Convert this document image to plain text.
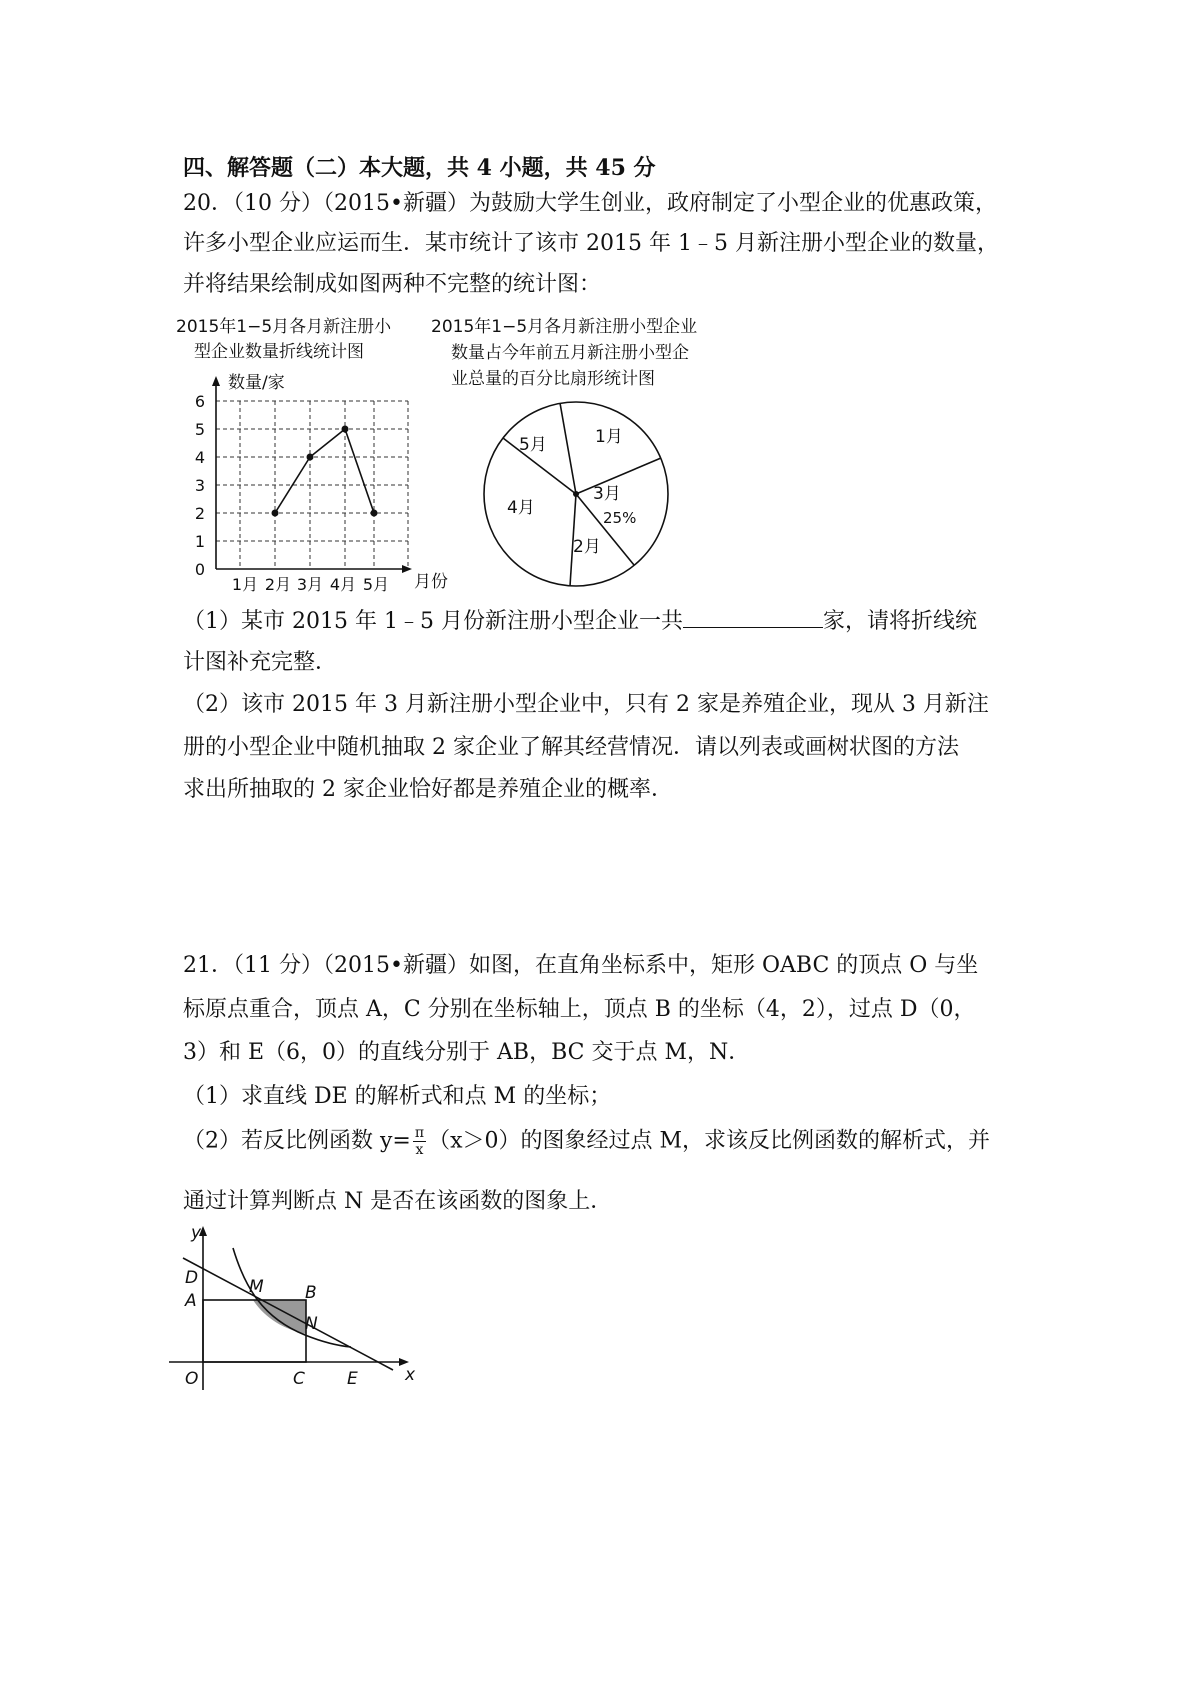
四、解答题（二）本大题，共 4 小题，共 45 分
20．（10 分）（2015•新疆）为鼓励大学生创业，政府制定了小型企业的优惠政策，
许多小型企业应运而生．某市统计了该市 2015 年 1﹣5 月新注册小型企业的数量，
并将结果绘制成如图两种不完整的统计图：
2015年1−5月各月新注册小
型企业数量折线统计图
数量/家
月份
0
1
2
3
4
5
6
1月 2月 3月 4月 5月
2015年1−5月各月新注册小型企业
数量占今年前五月新注册小型企
业总量的百分比扇形统计图
1月
3月
25%
2月
4月
5月
（1）某市 2015 年 1﹣5 月份新注册小型企业一共	家，请将折线统
计图补充完整．
（2）该市 2015 年 3 月新注册小型企业中，只有 2 家是养殖企业，现从 3 月新注
册的小型企业中随机抽取 2 家企业了解其经营情况．请以列表或画树状图的方法
求出所抽取的 2 家企业恰好都是养殖企业的概率．
21．（11 分）（2015•新疆）如图，在直角坐标系中，矩形 OABC 的顶点 O 与坐
标原点重合，顶点 A，C 分别在坐标轴上，顶点 B 的坐标（4，2），过点 D（0，
3）和 E（6，0）的直线分别于 AB，BC 交于点 M，N．
（1）求直线 DE 的解析式和点 M 的坐标；
（2）若反比例函数 $y= \frac{\pi}{x} (x>0)$的图象经过点 M，求该反比例函数的解析式，并
通过计算判断点 N 是否在该函数的图象上．
y
x
O
A
D	M B
N
C E
